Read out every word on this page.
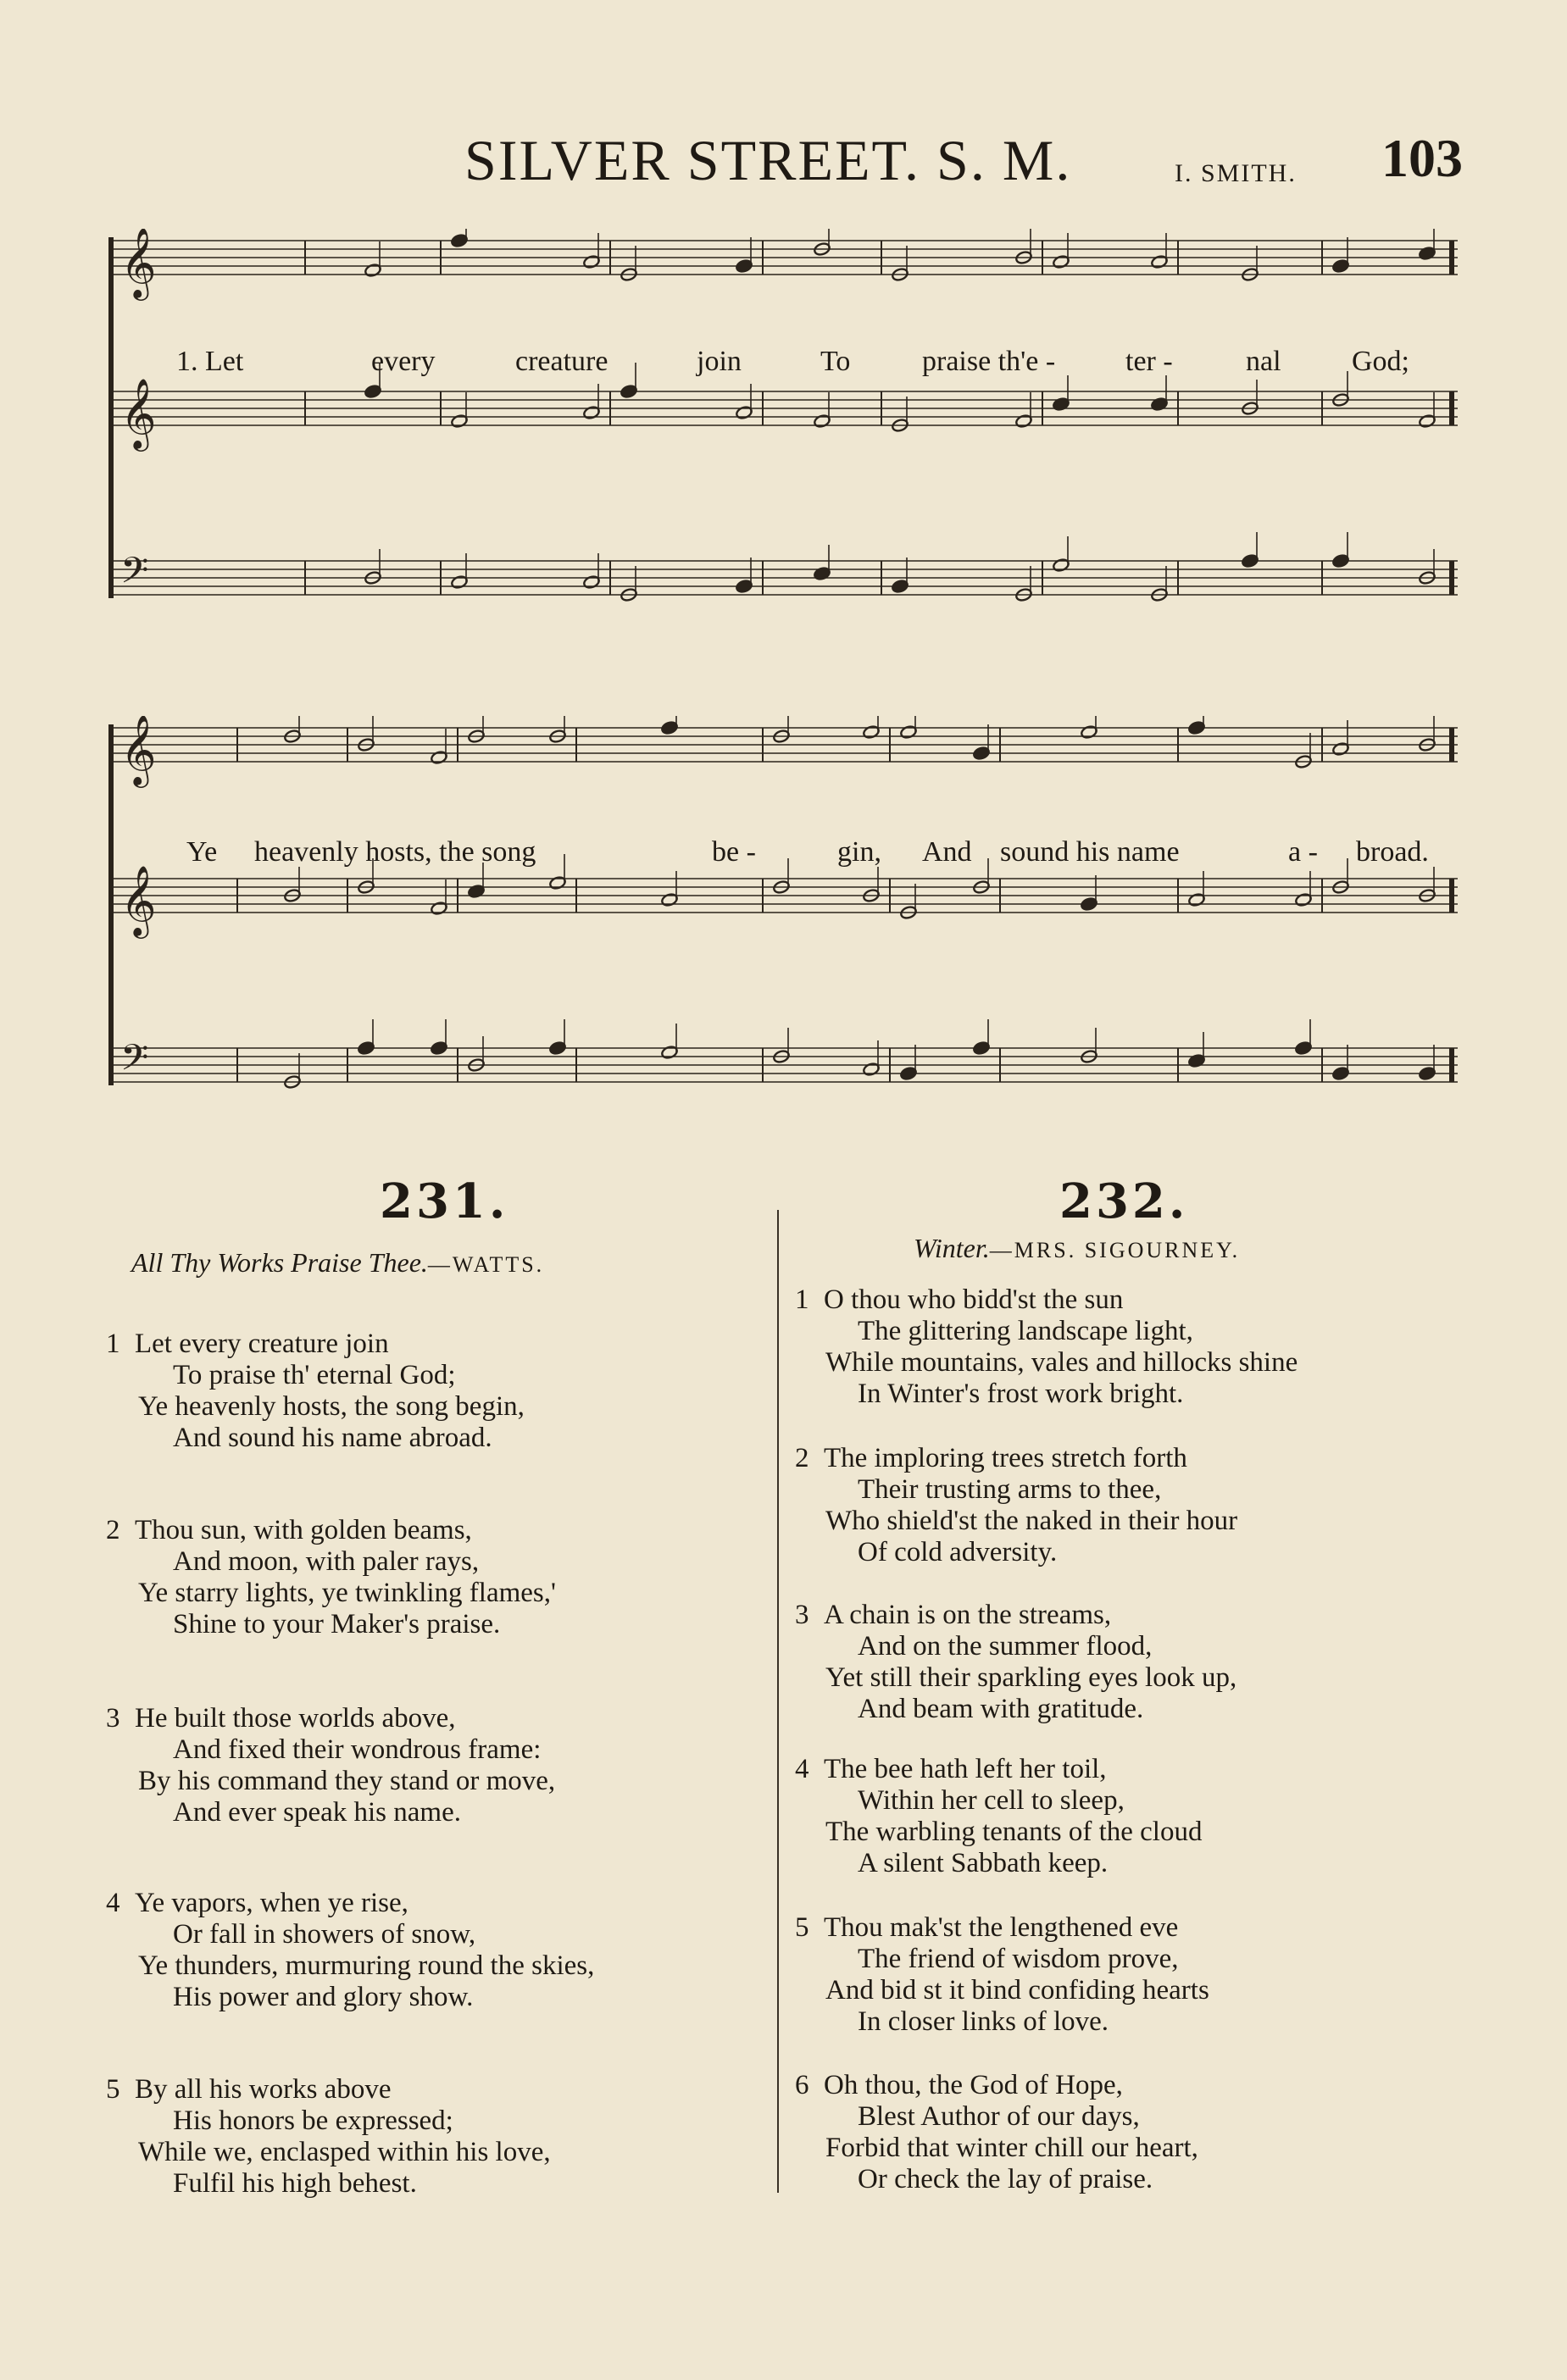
SILVER STREET. S. M.	I. SMITH. 103
𝄞
𝄞
𝄢
1. Let	every	creature	join	To praise th'e - ter -	nal God;
𝄞
𝄞
𝄢
Ye heavenly hosts, the song	be -	gin, And sound his name	a - broad.
231.
All Thy Works Praise Thee.—WATTS.
1 Let every creature join
To praise th' eternal God;
Ye heavenly hosts, the song begin,
And sound his name abroad.
2 Thou sun, with golden beams,
And moon, with paler rays,
Ye starry lights, ye twinkling flames,'
Shine to your Maker's praise.
3 He built those worlds above,
And fixed their wondrous frame:
By his command they stand or move,
And ever speak his name.
4 Ye vapors, when ye rise,
Or fall in showers of snow,
Ye thunders, murmuring round the skies,
His power and glory show.
5 By all his works above
His honors be expressed;
While we, enclasped within his love,
Fulfil his high behest.
232.
Winter.—MRS. SIGOURNEY.
1 O thou who bidd'st the sun
The glittering landscape light,
While mountains, vales and hillocks shine
In Winter's frost work bright.
2 The imploring trees stretch forth
Their trusting arms to thee,
Who shield'st the naked in their hour
Of cold adversity.
3 A chain is on the streams,
And on the summer flood,
Yet still their sparkling eyes look up,
And beam with gratitude.
4 The bee hath left her toil,
Within her cell to sleep,
The warbling tenants of the cloud
A silent Sabbath keep.
5 Thou mak'st the lengthened eve
The friend of wisdom prove,
And bid st it bind confiding hearts
In closer links of love.
6 Oh thou, the God of Hope,
Blest Author of our days,
Forbid that winter chill our heart,
Or check the lay of praise.
